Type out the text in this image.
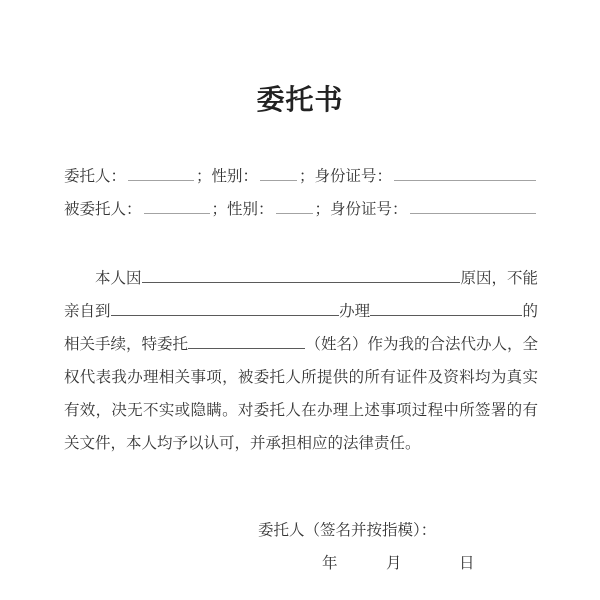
委托书
委托人：	；性别：	；身份证号：
被委托人：	；性别：	；身份证号：
本人因	原因，不能
亲自到	办理	的
相关手续，特委托	（姓名）作为我的合法代办人，全
权代表我办理相关事项，被委托人所提供的所有证件及资料均为真实
有效，决无不实或隐瞒。对委托人在办理上述事项过程中所签署的有
关文件，本人均予以认可，并承担相应的法律责任。
委托人（签名并按指模）：
年	月	日
